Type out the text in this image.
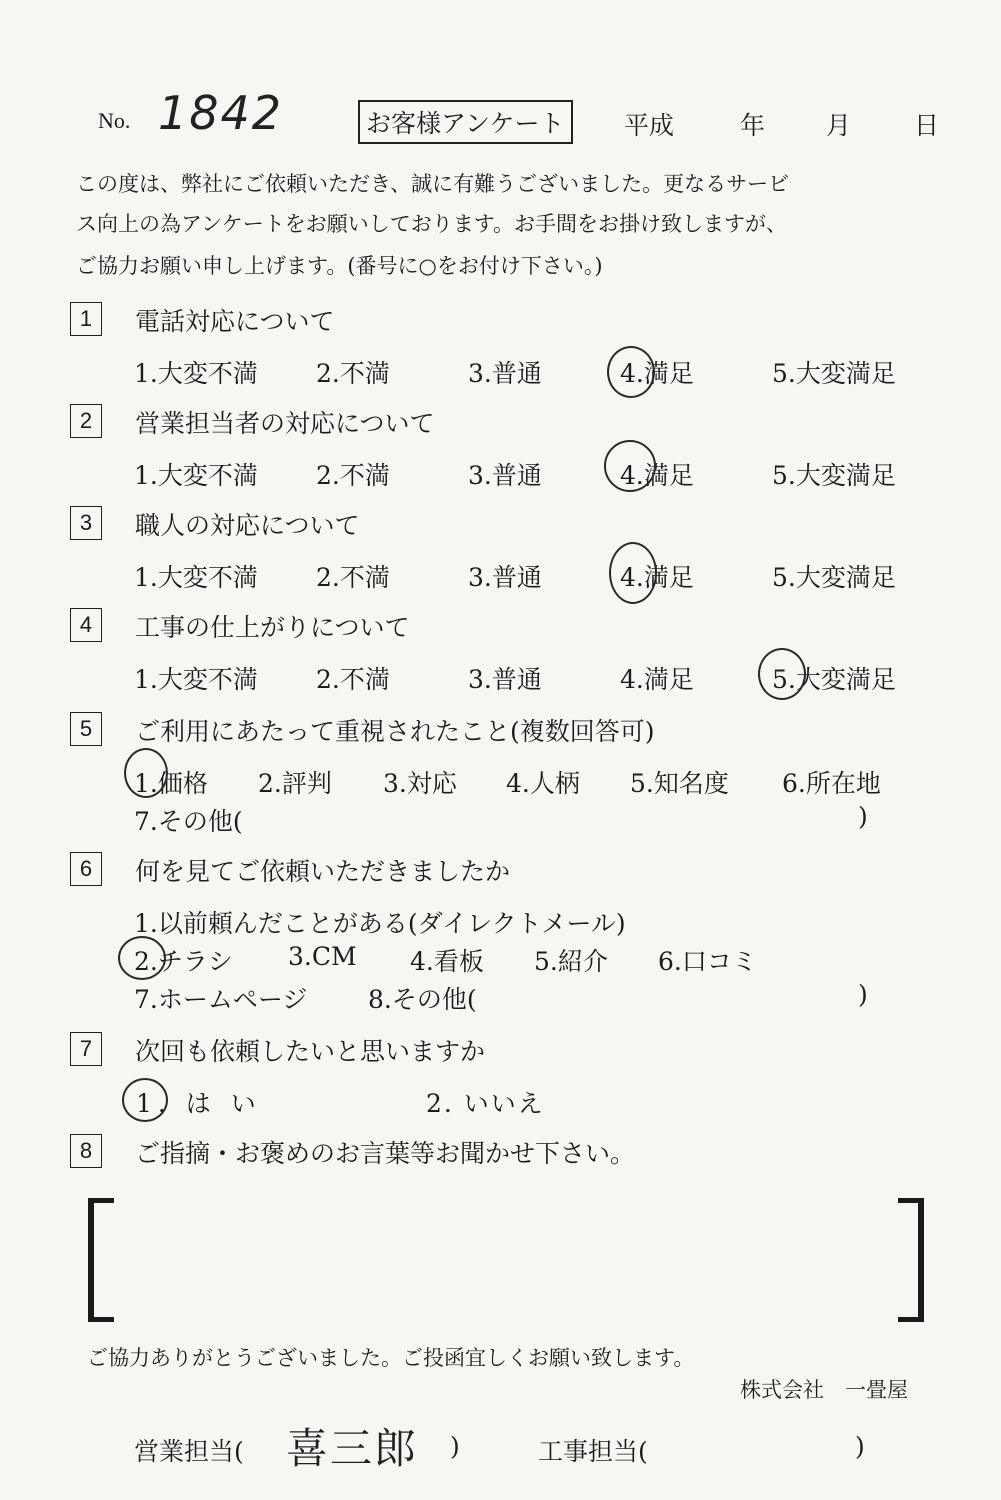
No. 1842	お客様アンケート	平成	年 月	日
この度は、弊社にご依頼いただき、誠に有難うございました。更なるサービ
ス向上の為アンケートをお願いしております。お手間をお掛け致しますが、
ご協力お願い申し上げます。(番号に○をお付け下さい。)
1	電話対応について
1.大変不満 2.不満	3.普通	4.満足	5.大変満足
2	営業担当者の対応について
1.大変不満 2.不満	3.普通	4.満足	5.大変満足
3	職人の対応について
1.大変不満 2.不満	3.普通	4.満足	5.大変満足
4	工事の仕上がりについて
1.大変不満 2.不満	3.普通	4.満足	5.大変満足
5	ご利用にあたって重視されたこと(複数回答可)
1.価格 2.評判 3.対応 4.人柄 5.知名度 6.所在地
7.その他(	)
6	何を見てご依頼いただきましたか
1.以前頼んだことがある(ダイレクトメール)
2.チラシ 3.CM 4.看板 5.紹介 6.口コミ
7.ホームページ 8.その他(	)
7	次回も依頼したいと思いますか
1. は い	2. いいえ
8	ご指摘・お褒めのお言葉等お聞かせ下さい。
ご協力ありがとうございました。ご投函宜しくお願い致します。
株式会社　一畳屋
営業担当( 喜三郎 )	工事担当(	)
